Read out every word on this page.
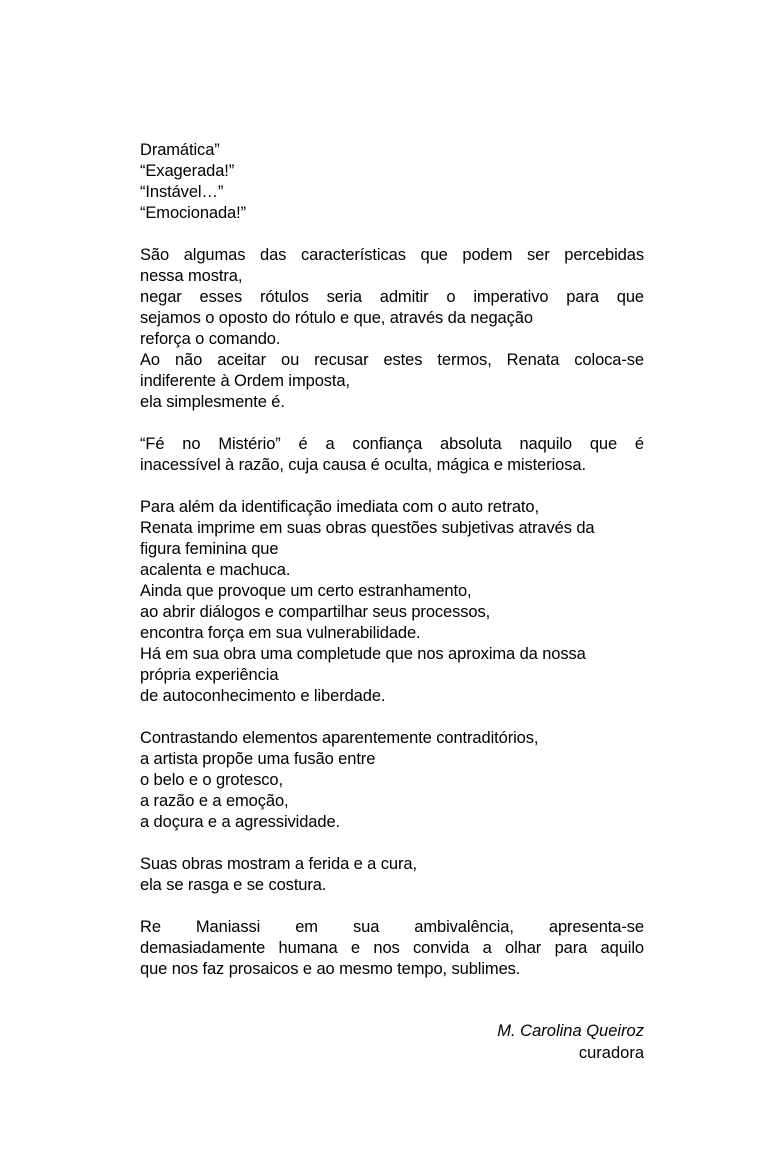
Dramática”
“Exagerada!”
“Instável…”
“Emocionada!”

São algumas das características que podem ser percebidas
nessa mostra,
negar esses rótulos seria admitir o imperativo para que
sejamos o oposto do rótulo e que, através da negação
reforça o comando.
Ao não aceitar ou recusar estes termos, Renata coloca-se
indiferente à Ordem imposta,
ela simplesmente é.

“Fé no Mistério” é a confiança absoluta naquilo que é
inacessível à razão, cuja causa é oculta, mágica e misteriosa.

Para além da identificação imediata com o auto retrato,
Renata imprime em suas obras questões subjetivas através da
figura feminina que
acalenta e machuca.
Ainda que provoque um certo estranhamento,
ao abrir diálogos e compartilhar seus processos,
encontra força em sua vulnerabilidade.
Há em sua obra uma completude que nos aproxima da nossa
própria experiência
de autoconhecimento e liberdade.

Contrastando elementos aparentemente contraditórios,
a artista propõe uma fusão entre
o belo e o grotesco,
a razão e a emoção,
a doçura e a agressividade.

Suas obras mostram a ferida e a cura,
ela se rasga e se costura.

Re Maniassi em sua ambivalência, apresenta-se
demasiadamente humana e nos convida a olhar para aquilo
que nos faz prosaicos e ao mesmo tempo, sublimes.

M. Carolina Queiroz
curadora
